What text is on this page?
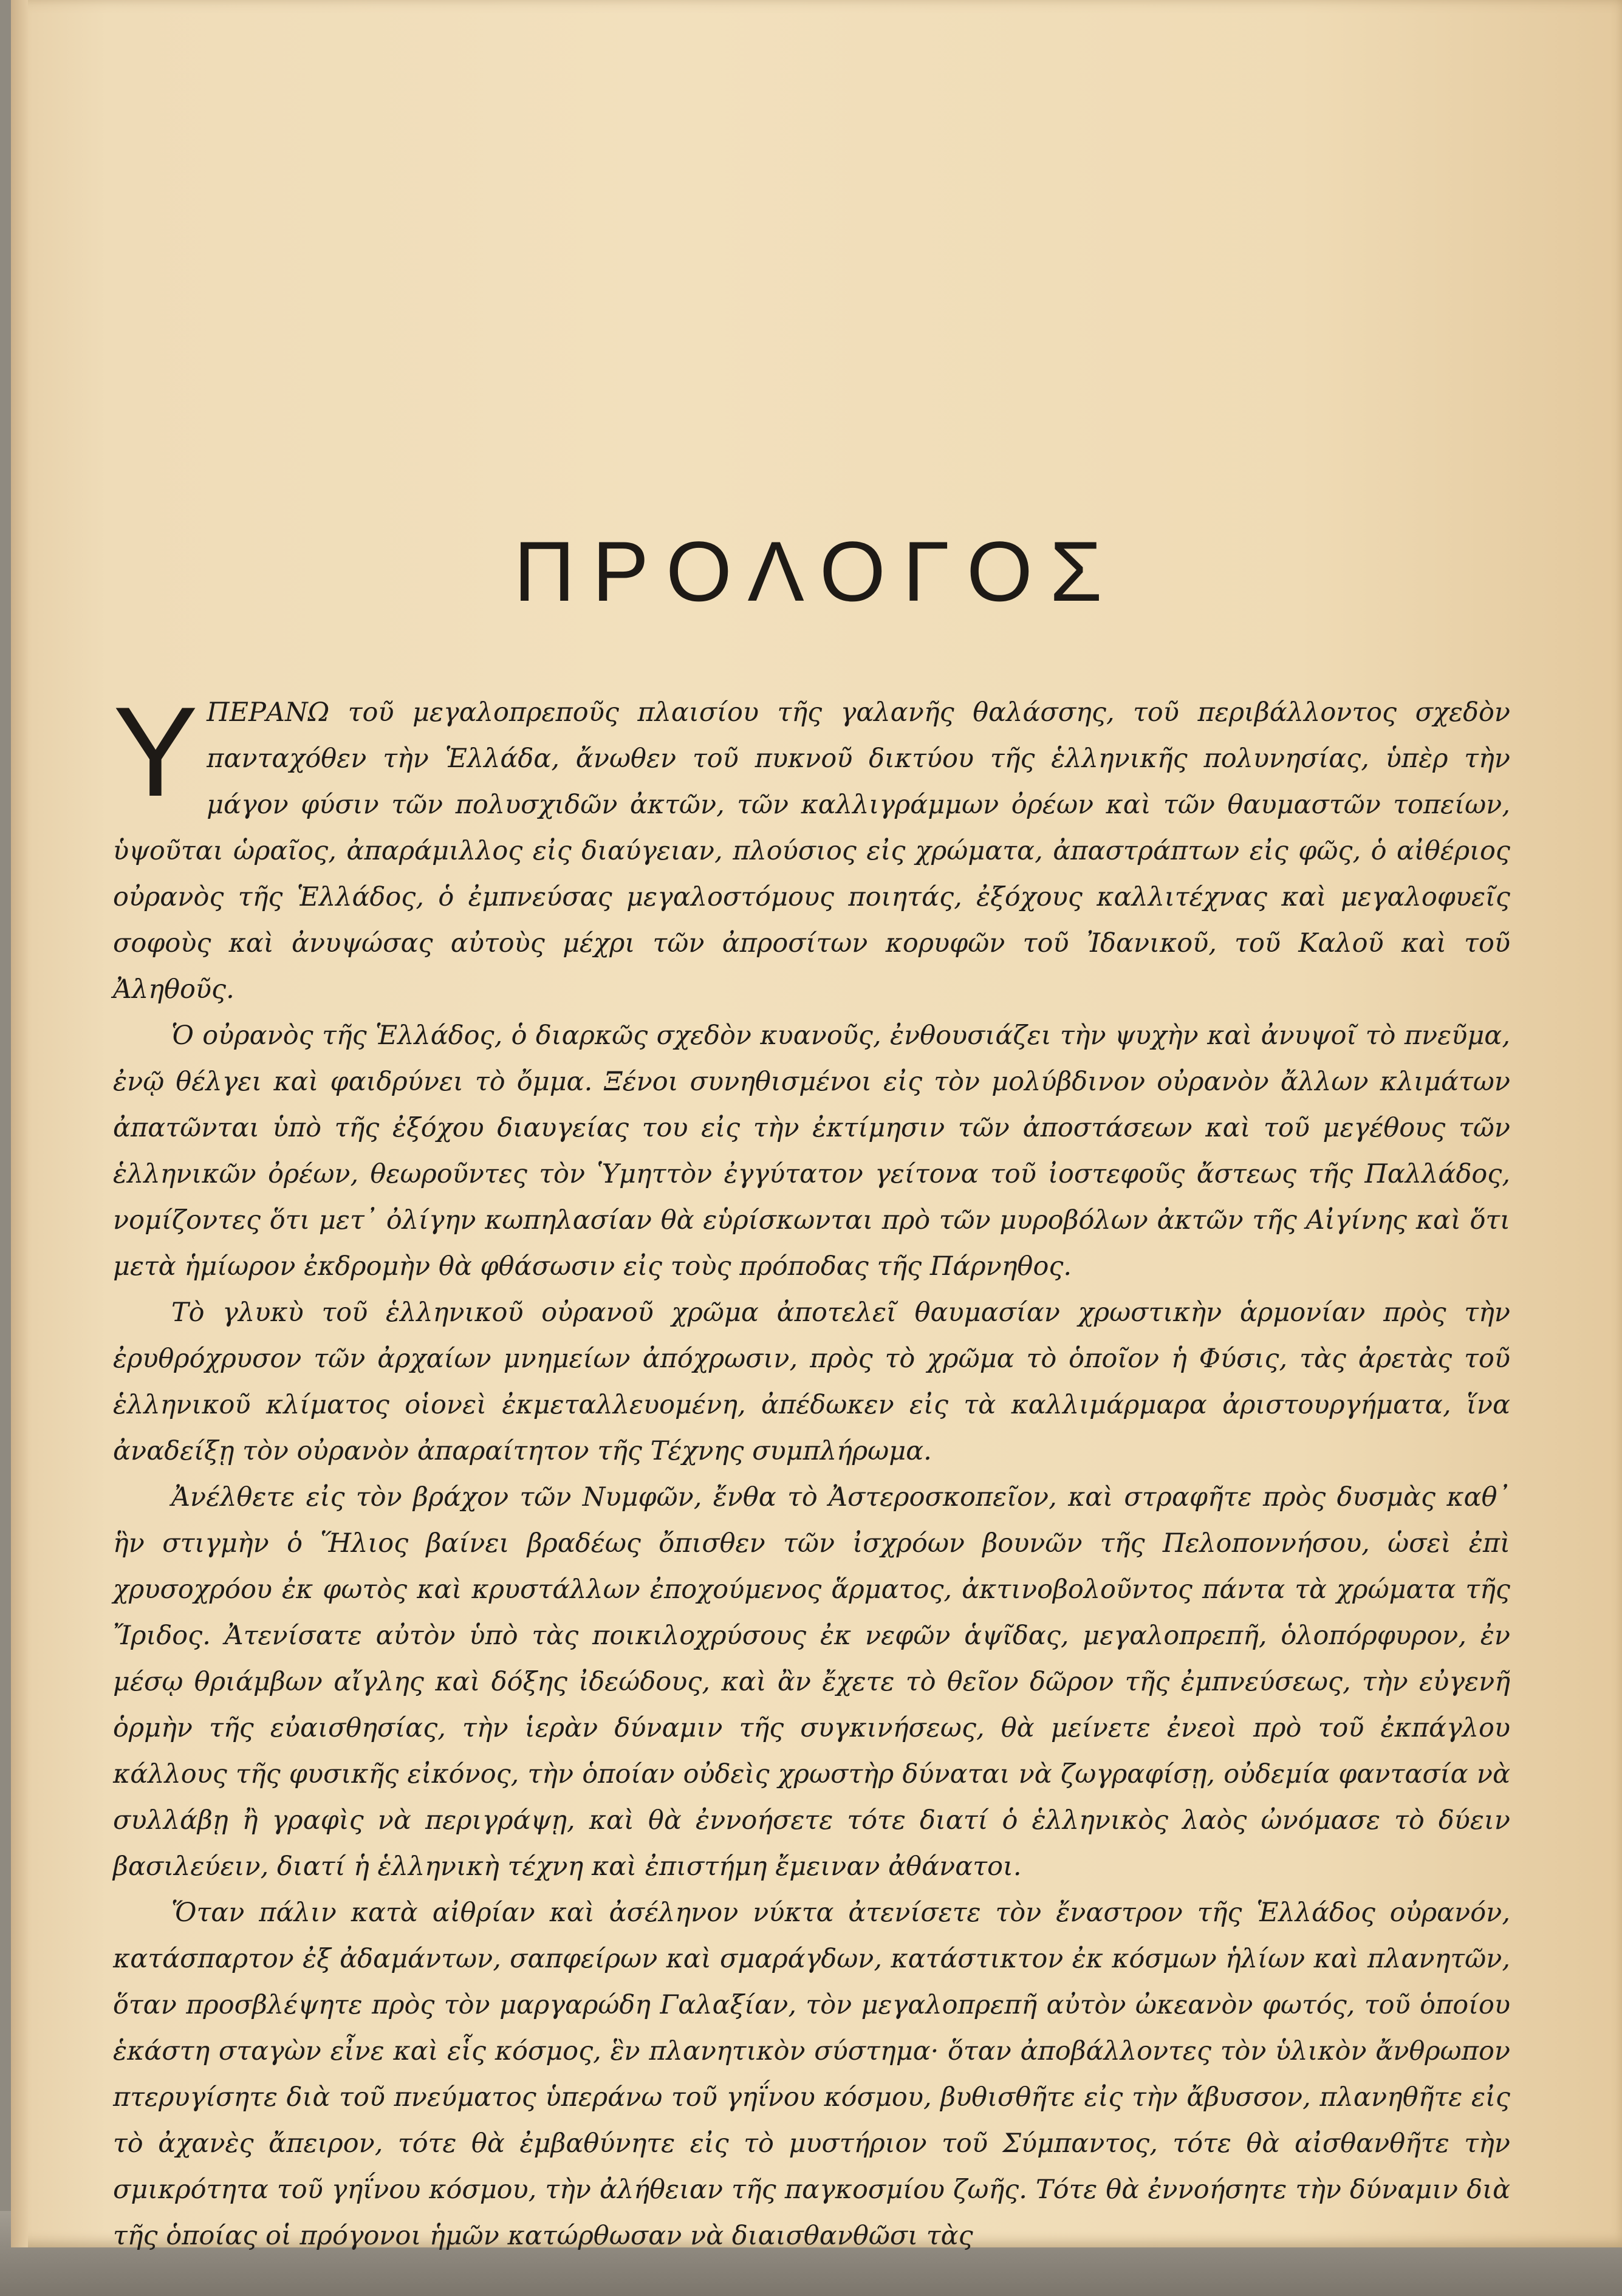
ΠΡΟΛΟΓΟΣ

ΥΠΕΡΑΝΩ τοῦ μεγαλοπρεποῦς πλαισίου τῆς γαλανῆς θαλάσσης, τοῦ περιβάλλοντος σχεδὸν πανταχόθεν τὴν Ἑλλάδα, ἄνωθεν τοῦ πυκνοῦ δικτύου τῆς ἑλληνικῆς πολυνησίας, ὑπὲρ τὴν μάγον φύσιν τῶν πολυσχιδῶν ἀκτῶν, τῶν καλλιγράμμων ὀρέων καὶ τῶν θαυμαστῶν τοπείων, ὑψοῦται ὡραῖος, ἀπαράμιλλος εἰς διαύγειαν, πλούσιος εἰς χρώματα, ἀπαστράπτων εἰς φῶς, ὁ αἰθέριος οὐρανὸς τῆς Ἑλλάδος, ὁ ἐμπνεύσας μεγαλοστόμους ποιητάς, ἐξόχους καλλιτέχνας καὶ μεγαλοφυεῖς σοφοὺς καὶ ἀνυψώσας αὐτοὺς μέχρι τῶν ἀπροσίτων κορυφῶν τοῦ Ἰδανικοῦ, τοῦ Καλοῦ καὶ τοῦ Ἀληθοῦς.

Ὁ οὐρανὸς τῆς Ἑλλάδος, ὁ διαρκῶς σχεδὸν κυανοῦς, ἐνθουσιάζει τὴν ψυχὴν καὶ ἀνυψοῖ τὸ πνεῦμα, ἐνῷ θέλγει καὶ φαιδρύνει τὸ ὄμμα. Ξένοι συνηθισμένοι εἰς τὸν μολύβδινον οὐρανὸν ἄλλων κλιμάτων ἀπατῶνται ὑπὸ τῆς ἐξόχου διαυγείας του εἰς τὴν ἐκτίμησιν τῶν ἀποστάσεων καὶ τοῦ μεγέθους τῶν ἑλληνικῶν ὀρέων, θεωροῦντες τὸν Ὑμηττὸν ἐγγύτατον γείτονα τοῦ ἰοστεφοῦς ἄστεως τῆς Παλλάδος, νομίζοντες ὅτι μετ᾿ ὀλίγην κωπηλασίαν θὰ εὑρίσκωνται πρὸ τῶν μυροβόλων ἀκτῶν τῆς Αἰγίνης καὶ ὅτι μετὰ ἡμίωρον ἐκδρομὴν θὰ φθάσωσιν εἰς τοὺς πρόποδας τῆς Πάρνηθος.

Τὸ γλυκὺ τοῦ ἑλληνικοῦ οὐρανοῦ χρῶμα ἀποτελεῖ θαυμασίαν χρωστικὴν ἁρμονίαν πρὸς τὴν ἐρυθρόχρυσον τῶν ἀρχαίων μνημείων ἀπόχρωσιν, πρὸς τὸ χρῶμα τὸ ὁποῖον ἡ Φύσις, τὰς ἀρετὰς τοῦ ἑλληνικοῦ κλίματος οἱονεὶ ἐκμεταλλευομένη, ἀπέδωκεν εἰς τὰ καλλιμάρμαρα ἀριστουργήματα, ἵνα ἀναδείξῃ τὸν οὐρανὸν ἀπαραίτητον τῆς Τέχνης συμπλήρωμα.

Ἀνέλθετε εἰς τὸν βράχον τῶν Νυμφῶν, ἔνθα τὸ Ἀστεροσκοπεῖον, καὶ στραφῆτε πρὸς δυσμὰς καθ᾿ ἣν στιγμὴν ὁ Ἥλιος βαίνει βραδέως ὄπισθεν τῶν ἰσχρόων βουνῶν τῆς Πελοποννήσου, ὡσεὶ ἐπὶ χρυσοχρόου ἐκ φωτὸς καὶ κρυστάλλων ἐποχούμενος ἅρματος, ἀκτινοβολοῦντος πάντα τὰ χρώματα τῆς Ἴριδος. Ἀτενίσατε αὐτὸν ὑπὸ τὰς ποικιλοχρύσους ἐκ νεφῶν ἁψῖδας, μεγαλοπρεπῆ, ὁλοπόρφυρον, ἐν μέσῳ θριάμβων αἴγλης καὶ δόξης ἰδεώδους, καὶ ἂν ἔχετε τὸ θεῖον δῶρον τῆς ἐμπνεύσεως, τὴν εὐγενῆ ὁρμὴν τῆς εὐαισθησίας, τὴν ἱερὰν δύναμιν τῆς συγκινήσεως, θὰ μείνετε ἐνεοὶ πρὸ τοῦ ἐκπάγλου κάλλους τῆς φυσικῆς εἰκόνος, τὴν ὁποίαν οὐδεὶς χρωστὴρ δύναται νὰ ζωγραφίσῃ, οὐδεμία φαντασία νὰ συλλάβῃ ἢ γραφὶς νὰ περιγράψῃ, καὶ θὰ ἐννοήσετε τότε διατί ὁ ἑλληνικὸς λαὸς ὠνόμασε τὸ δύειν βασιλεύειν, διατί ἡ ἑλληνικὴ τέχνη καὶ ἐπιστήμη ἔμειναν ἀθάνατοι.

Ὅταν πάλιν κατὰ αἰθρίαν καὶ ἀσέληνον νύκτα ἀτενίσετε τὸν ἔναστρον τῆς Ἑλλάδος οὐρανόν, κατάσπαρτον ἐξ ἀδαμάντων, σαπφείρων καὶ σμαράγδων, κατάστικτον ἐκ κόσμων ἡλίων καὶ πλανητῶν, ὅταν προσβλέψητε πρὸς τὸν μαργαρώδη Γαλαξίαν, τὸν μεγαλοπρεπῆ αὐτὸν ὠκεανὸν φωτός, τοῦ ὁποίου ἑκάστη σταγὼν εἶνε καὶ εἷς κόσμος, ἓν πλανητικὸν σύστημα· ὅταν ἀποβάλλοντες τὸν ὑλικὸν ἄνθρωπον πτερυγίσητε διὰ τοῦ πνεύματος ὑπεράνω τοῦ γηΐνου κόσμου, βυθισθῆτε εἰς τὴν ἄβυσσον, πλανηθῆτε εἰς τὸ ἀχανὲς ἄπειρον, τότε θὰ ἐμβαθύνητε εἰς τὸ μυστήριον τοῦ Σύμπαντος, τότε θὰ αἰσθανθῆτε τὴν σμικρότητα τοῦ γηΐνου κόσμου, τὴν ἀλήθειαν τῆς παγκοσμίου ζωῆς. Τότε θὰ ἐννοήσητε τὴν δύναμιν διὰ τῆς ὁποίας οἱ πρόγονοι ἡμῶν κατώρθωσαν νὰ διαισθανθῶσι τὰς
